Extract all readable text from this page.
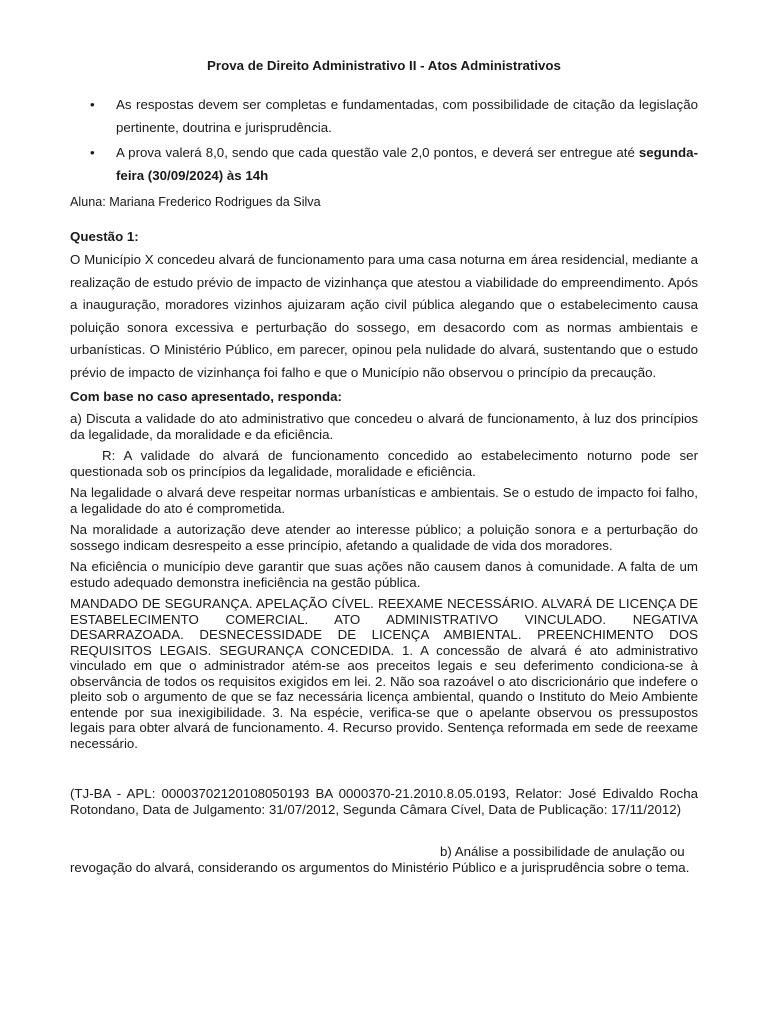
Prova de Direito Administrativo II - Atos Administrativos

• As respostas devem ser completas e fundamentadas, com possibilidade de citação da legislação pertinente, doutrina e jurisprudência.
• A prova valerá 8,0, sendo que cada questão vale 2,0 pontos, e deverá ser entregue até segunda-feira (30/09/2024) às 14h

Aluna: Mariana Frederico Rodrigues da Silva

Questão 1:

O Município X concedeu alvará de funcionamento para uma casa noturna em área residencial, mediante a realização de estudo prévio de impacto de vizinhança que atestou a viabilidade do empreendimento. Após a inauguração, moradores vizinhos ajuizaram ação civil pública alegando que o estabelecimento causa poluição sonora excessiva e perturbação do sossego, em desacordo com as normas ambientais e urbanísticas. O Ministério Público, em parecer, opinou pela nulidade do alvará, sustentando que o estudo prévio de impacto de vizinhança foi falho e que o Município não observou o princípio da precaução.

Com base no caso apresentado, responda:

a) Discuta a validade do ato administrativo que concedeu o alvará de funcionamento, à luz dos princípios da legalidade, da moralidade e da eficiência.

R: A validade do alvará de funcionamento concedido ao estabelecimento noturno pode ser questionada sob os princípios da legalidade, moralidade e eficiência.

Na legalidade o alvará deve respeitar normas urbanísticas e ambientais. Se o estudo de impacto foi falho, a legalidade do ato é comprometida.

Na moralidade a autorização deve atender ao interesse público; a poluição sonora e a perturbação do sossego indicam desrespeito a esse princípio, afetando a qualidade de vida dos moradores.

Na eficiência o município deve garantir que suas ações não causem danos à comunidade. A falta de um estudo adequado demonstra ineficiência na gestão pública.

MANDADO DE SEGURANÇA. APELAÇÃO CÍVEL. REEXAME NECESSÁRIO. ALVARÁ DE LICENÇA DE ESTABELECIMENTO COMERCIAL. ATO ADMINISTRATIVO VINCULADO. NEGATIVA DESARRAZOADA. DESNECESSIDADE DE LICENÇA AMBIENTAL. PREENCHIMENTO DOS REQUISITOS LEGAIS. SEGURANÇA CONCEDIDA. 1. A concessão de alvará é ato administrativo vinculado em que o administrador atém-se aos preceitos legais e seu deferimento condiciona-se à observância de todos os requisitos exigidos em lei. 2. Não soa razoável o ato discricionário que indefere o pleito sob o argumento de que se faz necessária licença ambiental, quando o Instituto do Meio Ambiente entende por sua inexigibilidade. 3. Na espécie, verifica-se que o apelante observou os pressupostos legais para obter alvará de funcionamento. 4. Recurso provido. Sentença reformada em sede de reexame necessário.

(TJ-BA - APL: 00003702120108050193 BA 0000370-21.2010.8.05.0193, Relator: José Edivaldo Rocha Rotondano, Data de Julgamento: 31/07/2012, Segunda Câmara Cível, Data de Publicação: 17/11/2012)

b) Análise a possibilidade de anulação ou
revogação do alvará, considerando os argumentos do Ministério Público e a jurisprudência sobre o tema.
